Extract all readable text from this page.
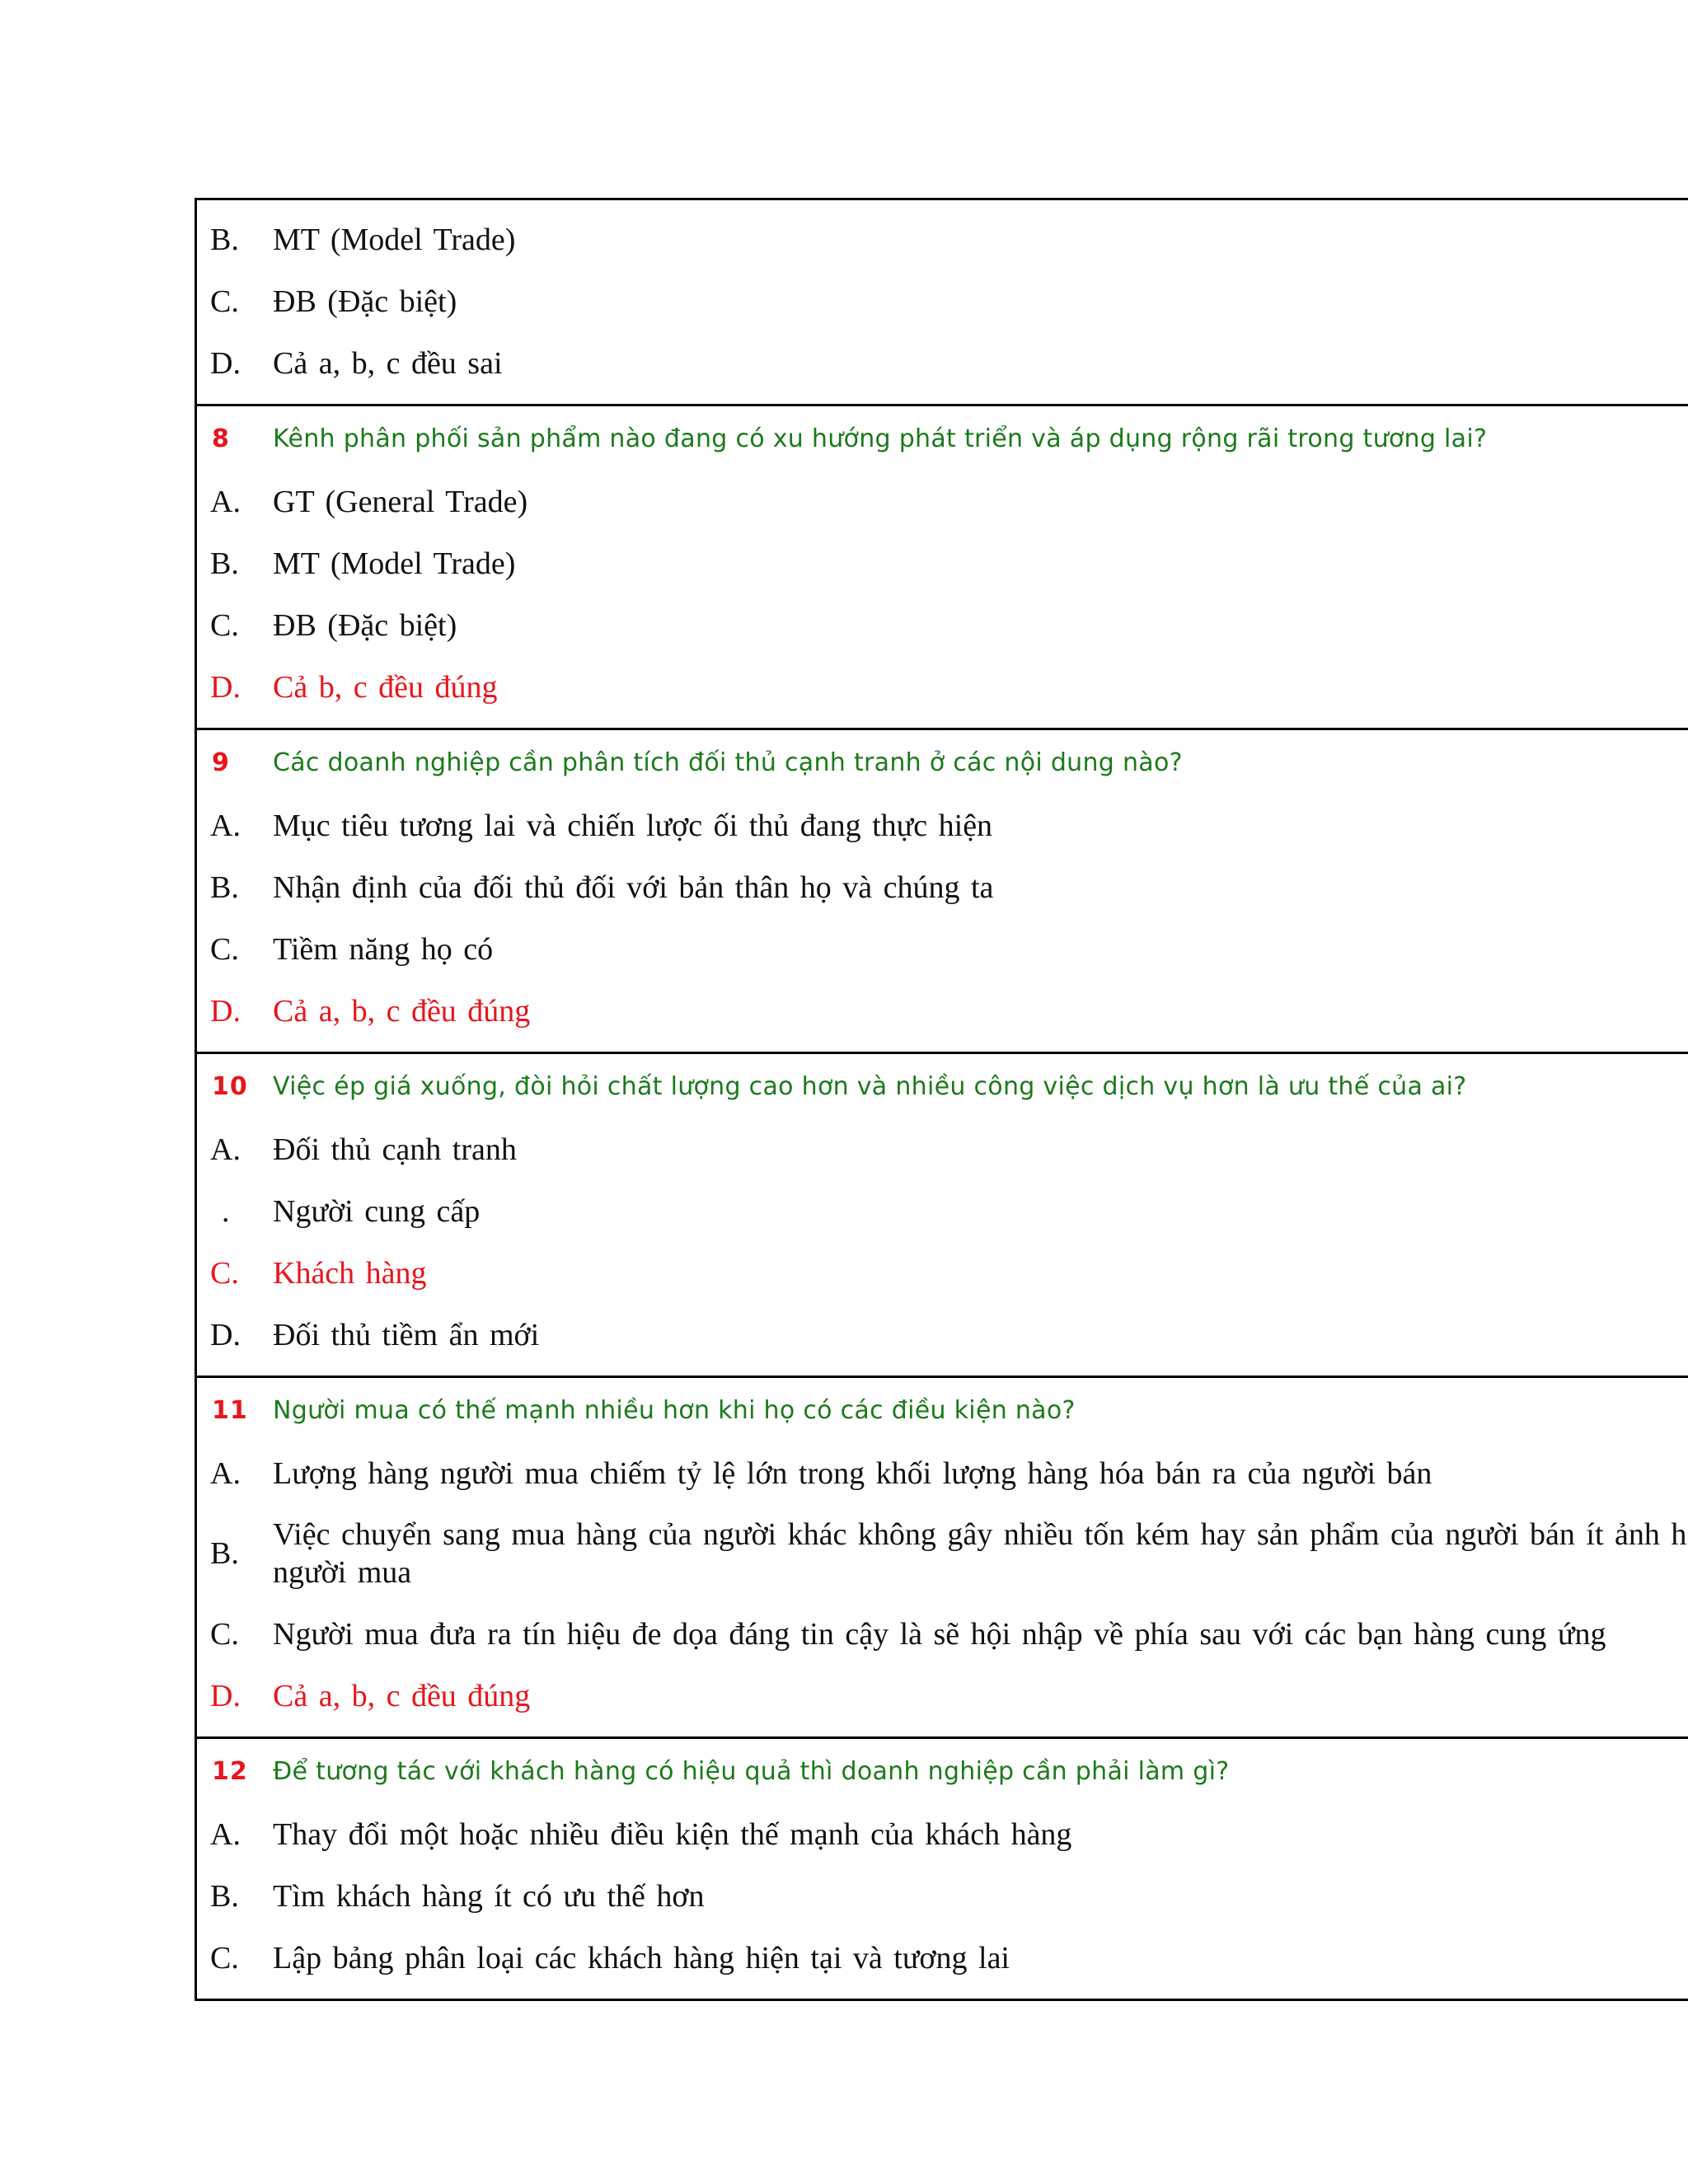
B. MT (Model Trade)
C. ĐB (Đặc biệt)
D. Cả a, b, c đều sai
8 Kênh phân phối sản phẩm nào đang có xu hướng phát triển và áp dụng rộng rãi trong tương lai?
A. GT (General Trade)
B. MT (Model Trade)
C. ĐB (Đặc biệt)
D. Cả b, c đều đúng
9 Các doanh nghiệp cần phân tích đối thủ cạnh tranh ở các nội dung nào?
A. Mục tiêu tương lai và chiến lược ối thủ đang thực hiện
B. Nhận định của đối thủ đối với bản thân họ và chúng ta
C. Tiềm năng họ có
D. Cả a, b, c đều đúng
10 Việc ép giá xuống, đòi hỏi chất lượng cao hơn và nhiều công việc dịch vụ hơn là ưu thế của ai?
A. Đối thủ cạnh tranh
. Người cung cấp
C. Khách hàng
D. Đối thủ tiềm ẩn mới
11 Người mua có thế mạnh nhiều hơn khi họ có các điều kiện nào?
A. Lượng hàng người mua chiếm tỷ lệ lớn trong khối lượng hàng hóa bán ra của người bán
B.
Việc chuyển sang mua hàng của người khác không gây nhiều tốn kém hay sản phẩm của người bán ít ảnh h người mua
C. Người mua đưa ra tín hiệu đe dọa đáng tin cậy là sẽ hội nhập về phía sau với các bạn hàng cung ứng
D. Cả a, b, c đều đúng
12 Để tương tác với khách hàng có hiệu quả thì doanh nghiệp cần phải làm gì?
A. Thay đổi một hoặc nhiều điều kiện thế mạnh của khách hàng
B. Tìm khách hàng ít có ưu thế hơn
C. Lập bảng phân loại các khách hàng hiện tại và tương lai
